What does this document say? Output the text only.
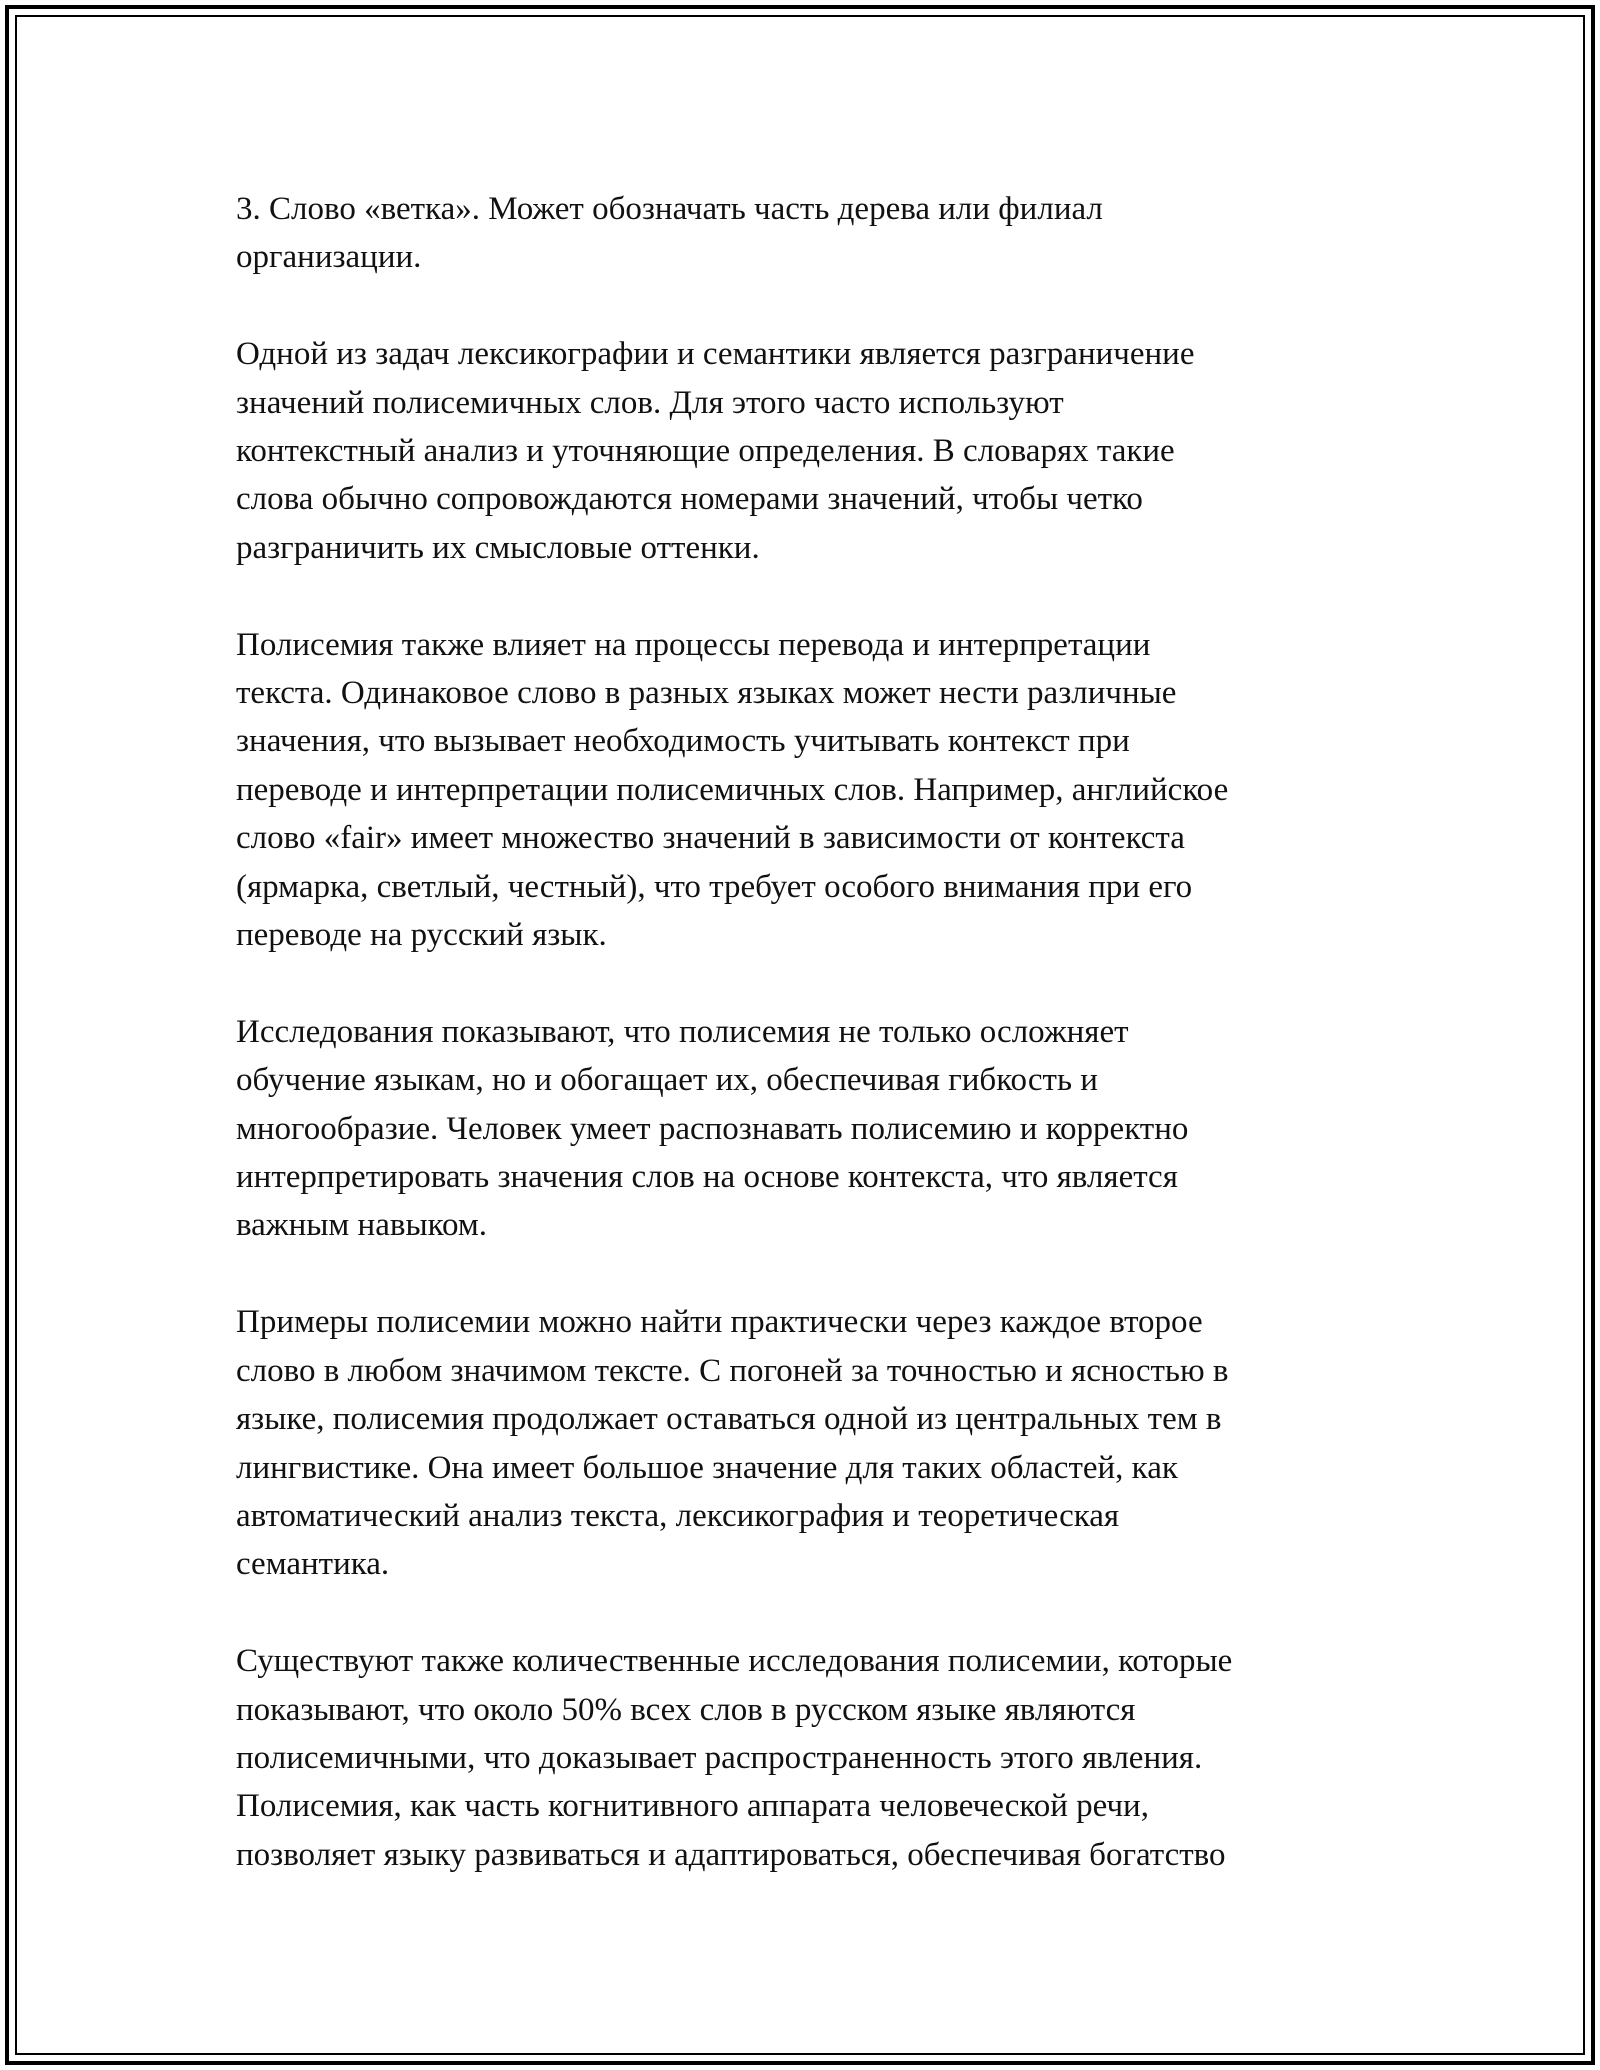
3. Слово «ветка». Может обозначать часть дерева или филиал
организации.

Одной из задач лексикографии и семантики является разграничение
значений полисемичных слов. Для этого часто используют
контекстный анализ и уточняющие определения. В словарях такие
слова обычно сопровождаются номерами значений, чтобы четко
разграничить их смысловые оттенки.

Полисемия также влияет на процессы перевода и интерпретации
текста. Одинаковое слово в разных языках может нести различные
значения, что вызывает необходимость учитывать контекст при
переводе и интерпретации полисемичных слов. Например, английское
слово «fair» имеет множество значений в зависимости от контекста
(ярмарка, светлый, честный), что требует особого внимания при его
переводе на русский язык.

Исследования показывают, что полисемия не только осложняет
обучение языкам, но и обогащает их, обеспечивая гибкость и
многообразие. Человек умеет распознавать полисемию и корректно
интерпретировать значения слов на основе контекста, что является
важным навыком.

Примеры полисемии можно найти практически через каждое второе
слово в любом значимом тексте. С погоней за точностью и ясностью в
языке, полисемия продолжает оставаться одной из центральных тем в
лингвистике. Она имеет большое значение для таких областей, как
автоматический анализ текста, лексикография и теоретическая
семантика.

Существуют также количественные исследования полисемии, которые
показывают, что около 50% всех слов в русском языке являются
полисемичными, что доказывает распространенность этого явления.
Полисемия, как часть когнитивного аппарата человеческой речи,
позволяет языку развиваться и адаптироваться, обеспечивая богатство
